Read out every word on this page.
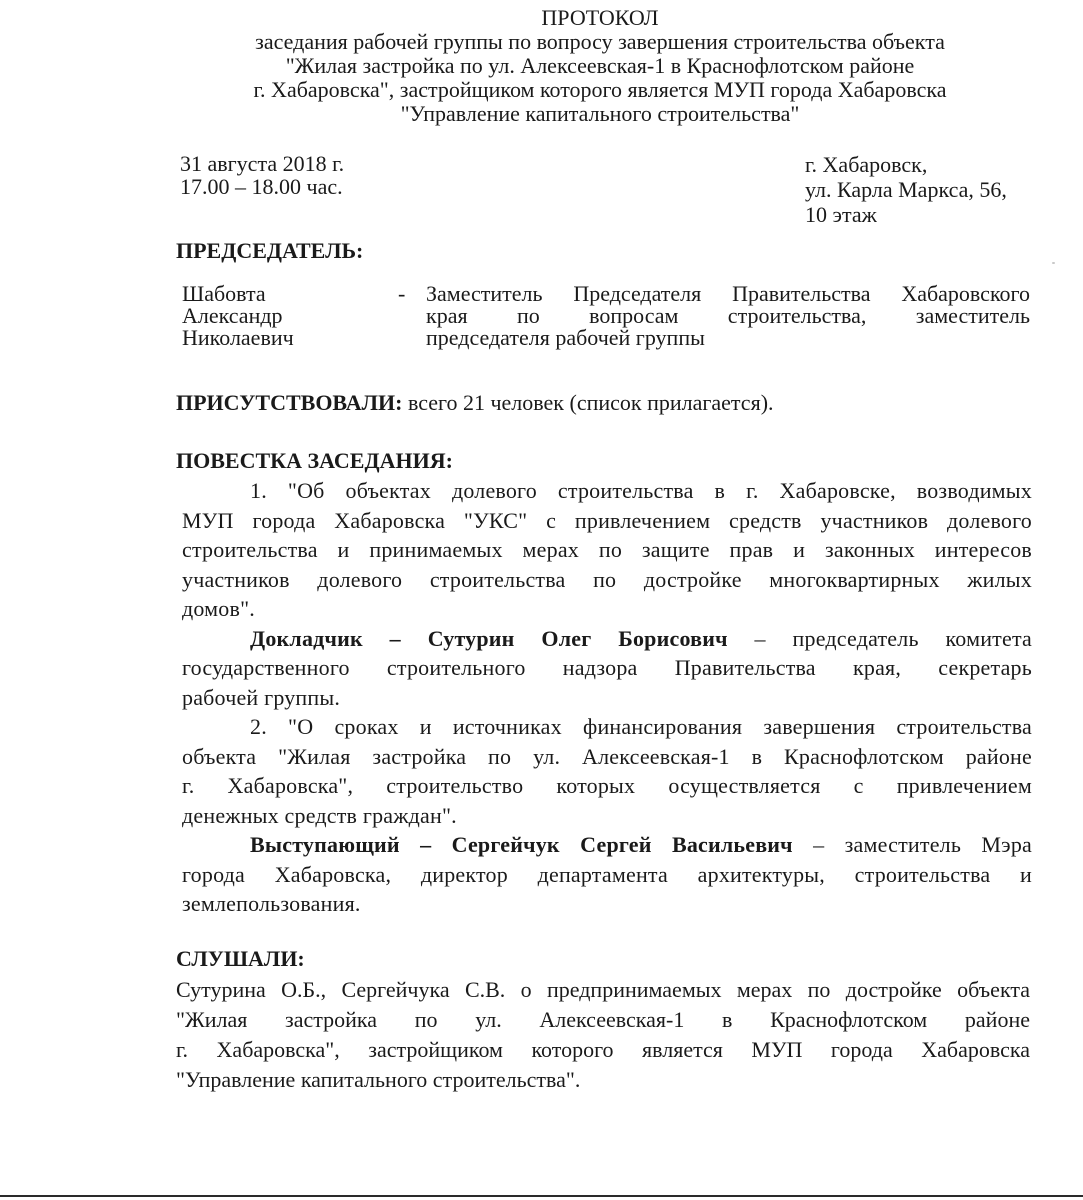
ПРОТОКОЛ
заседания рабочей группы по вопросу завершения строительства объекта
"Жилая застройка по ул. Алексеевская-1 в Краснофлотском районе
г. Хабаровска", застройщиком которого является МУП города Хабаровска
"Управление капитального строительства"
31 августа 2018 г.
17.00 – 18.00 час.
г. Хабаровск,
ул. Карла Маркса, 56,
10 этаж
ПРЕДСЕДАТЕЛЬ:
Шабовта
Александр
Николаевич
- Заместитель Председателя Правительства Хабаровского
края по вопросам строительства, заместитель
председателя рабочей группы
ПРИСУТСТВОВАЛИ: всего 21 человек (список прилагается).
ПОВЕСТКА ЗАСЕДАНИЯ:
1. "Об объектах долевого строительства в г. Хабаровске, возводимых
МУП города Хабаровска "УКС" с привлечением средств участников долевого
строительства и принимаемых мерах по защите прав и законных интересов
участников долевого строительства по достройке многоквартирных жилых
домов".
Докладчик – Сутурин Олег Борисович – председатель комитета
государственного строительного надзора Правительства края, секретарь
рабочей группы.
2. "О сроках и источниках финансирования завершения строительства
объекта "Жилая застройка по ул. Алексеевская-1 в Краснофлотском районе
г. Хабаровска", строительство которых осуществляется с привлечением
денежных средств граждан".
Выступающий – Сергейчук Сергей Васильевич – заместитель Мэра
города Хабаровска, директор департамента архитектуры, строительства и
землепользования.
СЛУШАЛИ:
Сутурина О.Б., Сергейчука С.В. о предпринимаемых мерах по достройке объекта
"Жилая застройка по ул. Алексеевская-1 в Краснофлотском районе
г. Хабаровска", застройщиком которого является МУП города Хабаровска
"Управление капитального строительства".
